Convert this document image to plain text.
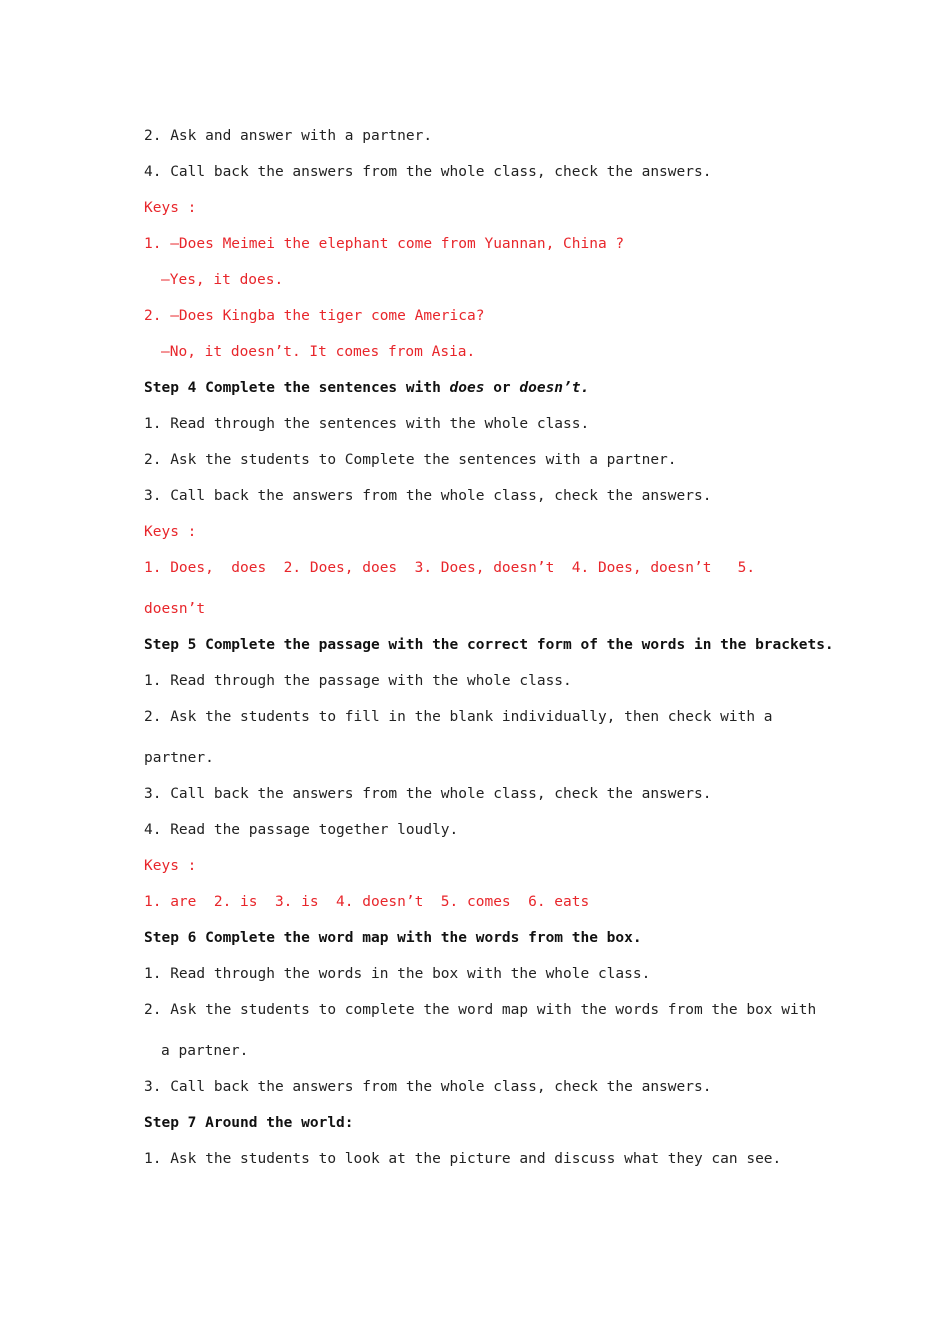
2. Ask and answer with a partner.
4. Call back the answers from the whole class, check the answers.
Keys :
1. —Does Meimei the elephant come from Yuannan, China ?
—Yes, it does.
2. —Does Kingba the tiger come America?
—No, it doesn’t. It comes from Asia.
Step 4 Complete the sentences with does or doesn’t.
1. Read through the sentences with the whole class.
2. Ask the students to Complete the sentences with a partner.
3. Call back the answers from the whole class, check the answers.
Keys :
1. Does,  does  2. Does, does  3. Does, doesn’t  4. Does, doesn’t   5.
doesn’t
Step 5 Complete the passage with the correct form of the words in the brackets.
1. Read through the passage with the whole class.
2. Ask the students to fill in the blank individually, then check with a
partner.
3. Call back the answers from the whole class, check the answers.
4. Read the passage together loudly.
Keys :
1. are  2. is  3. is  4. doesn’t  5. comes  6. eats
Step 6 Complete the word map with the words from the box.
1. Read through the words in the box with the whole class.
2. Ask the students to complete the word map with the words from the box with
a partner.
3. Call back the answers from the whole class, check the answers.
Step 7 Around the world:
1. Ask the students to look at the picture and discuss what they can see.
